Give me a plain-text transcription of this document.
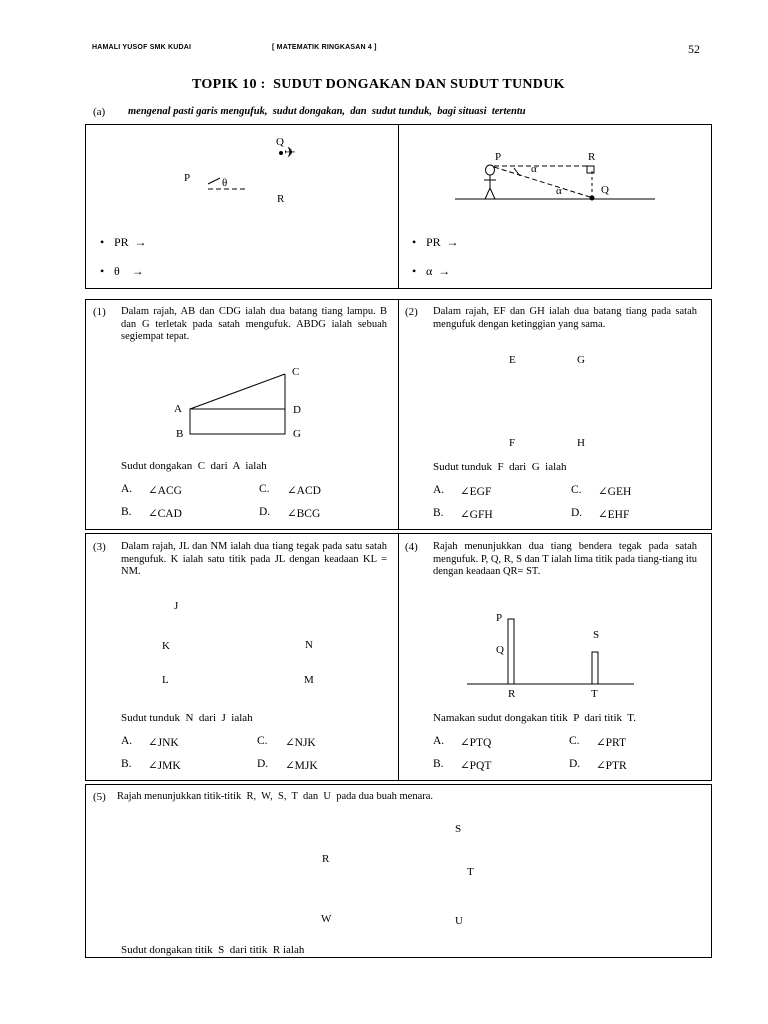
HAMALI YUSOF SMK KUDAI	[ MATEMATIK RINGKASAN 4 ]	52
TOPIK 10 :  SUDUT DONGAKAN DAN SUDUT TUNDUK
(a) mengenal pasti garis mengufuk,  sudut dongakan,  dan  sudut tunduk,  bagi situasi  tertentu
✈
Q
P	θ
R
• PR  →
• θ    →
P	R
α
α	Q
• PR  →
• α  →
(1) Dalam rajah, AB dan CDG ialah dua batang tiang lampu. B dan G terletak pada satah mengufuk. ABDG ialah sebuah segiempat tepat.
C
A	D
B	G
Sudut dongakan  C  dari  A  ialah
A. ∠ACG	C. ∠ACD
B. ∠CAD	D. ∠BCG
(2) Dalam rajah, EF dan GH ialah dua batang tiang pada satah mengufuk dengan ketinggian yang sama.
E	G
F	H
Sudut tunduk  F  dari  G  ialah
A. ∠EGF	C. ∠GEH
B. ∠GFH	D. ∠EHF
(3) Dalam rajah, JL dan NM ialah dua tiang tegak pada satu satah mengufuk. K ialah satu titik pada JL dengan keadaan KL = NM.
J
K	N
L	M
Sudut tunduk  N  dari  J  ialah
A. ∠JNK	C. ∠NJK
B. ∠JMK	D. ∠MJK
(4) Rajah menunjukkan dua tiang bendera tegak pada satah mengufuk. P, Q, R, S dan T ialah lima titik pada tiang-tiang itu dengan keadaan QR= ST.
P
S
Q
R	T
Namakan sudut dongakan titik  P  dari titik  T.
A. ∠PTQ	C. ∠PRT
B. ∠PQT	D. ∠PTR
(5) Rajah menunjukkan titik-titik  R,  W,  S,  T  dan  U  pada dua buah menara.
S
R
T
W	U
Sudut dongakan titik  S  dari titik  R ialah
